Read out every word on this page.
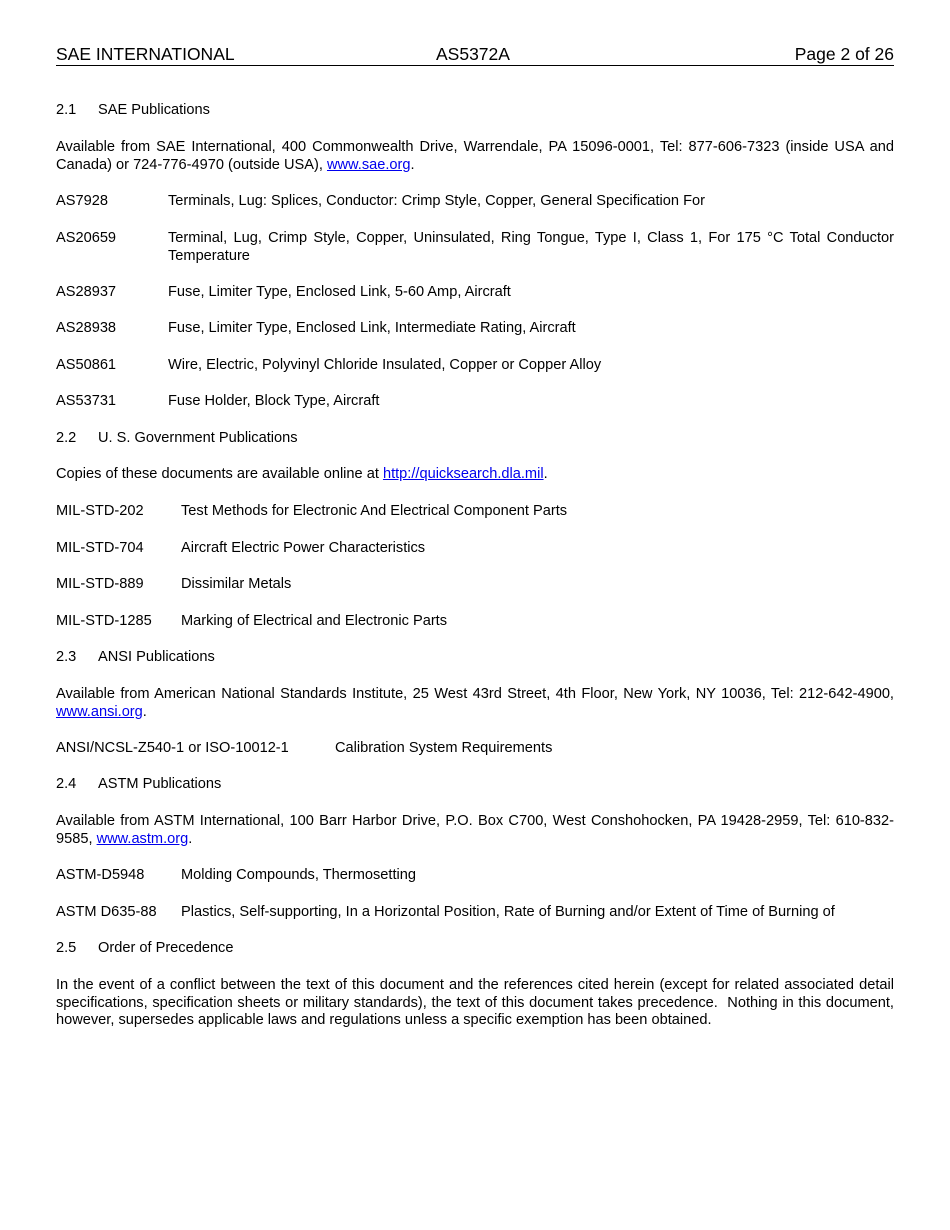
SAE INTERNATIONAL	AS5372A	Page 2 of 26
2.1 SAE Publications
Available from SAE International, 400 Commonwealth Drive, Warrendale, PA 15096-0001, Tel: 877-606-7323 (inside USA and Canada) or 724-776-4970 (outside USA), www.sae.org.
AS7928	Terminals, Lug: Splices, Conductor: Crimp Style, Copper, General Specification For
AS20659	Terminal, Lug, Crimp Style, Copper, Uninsulated, Ring Tongue, Type I, Class 1, For 175 °C Total Conductor Temperature
AS28937	Fuse, Limiter Type, Enclosed Link, 5-60 Amp, Aircraft
AS28938	Fuse, Limiter Type, Enclosed Link, Intermediate Rating, Aircraft
AS50861	Wire, Electric, Polyvinyl Chloride Insulated, Copper or Copper Alloy
AS53731	Fuse Holder, Block Type, Aircraft
2.2 U. S. Government Publications
Copies of these documents are available online at http://quicksearch.dla.mil.
MIL-STD-202	Test Methods for Electronic And Electrical Component Parts
MIL-STD-704	Aircraft Electric Power Characteristics
MIL-STD-889	Dissimilar Metals
MIL-STD-1285 Marking of Electrical and Electronic Parts
2.3 ANSI Publications
Available from American National Standards Institute, 25 West 43rd Street, 4th Floor, New York, NY 10036, Tel: 212-642-4900, www.ansi.org.
ANSI/NCSL-Z540-1 or ISO-10012-1	Calibration System Requirements
2.4 ASTM Publications
Available from ASTM International, 100 Barr Harbor Drive, P.O. Box C700, West Conshohocken, PA 19428-2959, Tel: 610-832-9585, www.astm.org.
ASTM-D5948	Molding Compounds, Thermosetting
ASTM D635-88 Plastics, Self-supporting, In a Horizontal Position, Rate of Burning and/or Extent of Time of Burning of
2.5 Order of Precedence
In the event of a conflict between the text of this document and the references cited herein (except for related associated detail specifications, specification sheets or military standards), the text of this document takes precedence.  Nothing in this document, however, supersedes applicable laws and regulations unless a specific exemption has been obtained.
